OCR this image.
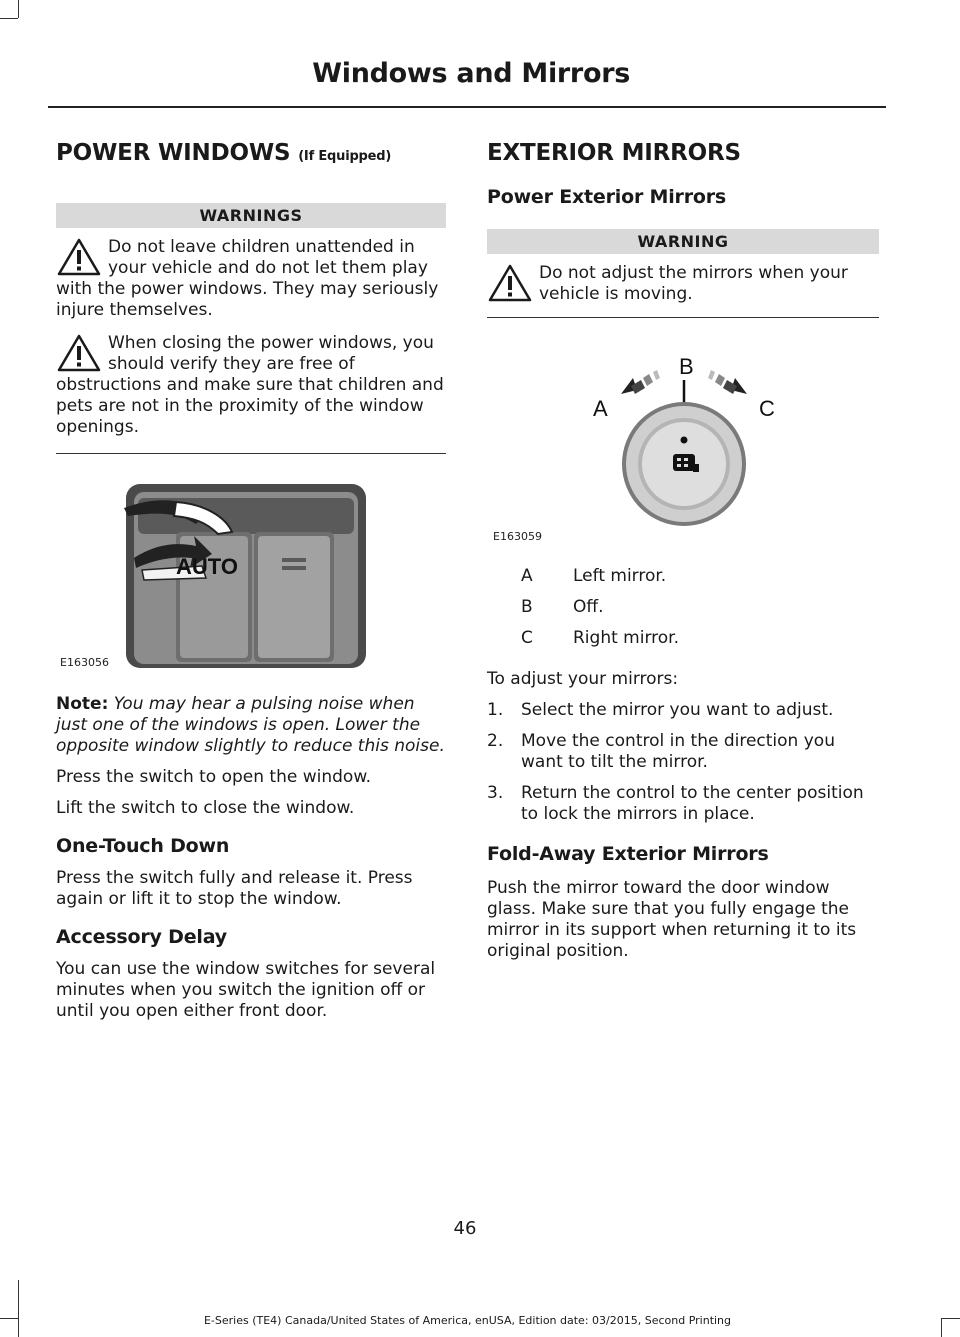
Windows and Mirrors
POWER WINDOWS (If Equipped)
WARNINGS
Do not leave children unattended in your vehicle and do not let them play with the power windows. They may seriously injure themselves.
When closing the power windows, you should verify they are free of obstructions and make sure that children and pets are not in the proximity of the window openings.
AUTO
E163056

Note: You may hear a pulsing noise when just one of the windows is open. Lower the opposite window slightly to reduce this noise.

Press the switch to open the window.

Lift the switch to close the window.

One-Touch Down

Press the switch fully and release it. Press again or lift it to stop the window.

Accessory Delay

You can use the window switches for several minutes when you switch the ignition off or until you open either front door.

EXTERIOR MIRRORS
Power Exterior Mirrors
WARNING
Do not adjust the mirrors when your vehicle is moving.
B
A	C
E163059
A	Left mirror.
B	Off.
C	Right mirror.

To adjust your mirrors:

1.	Select the mirror you want to adjust.
2.	Move the control in the direction you want to tilt the mirror.
3.	Return the control to the center position to lock the mirrors in place.
Fold-Away Exterior Mirrors

Push the mirror toward the door window glass. Make sure that you fully engage the mirror in its support when returning it to its original position.

46
E-Series (TE4) Canada/United States of America, enUSA, Edition date: 03/2015, Second Printing
